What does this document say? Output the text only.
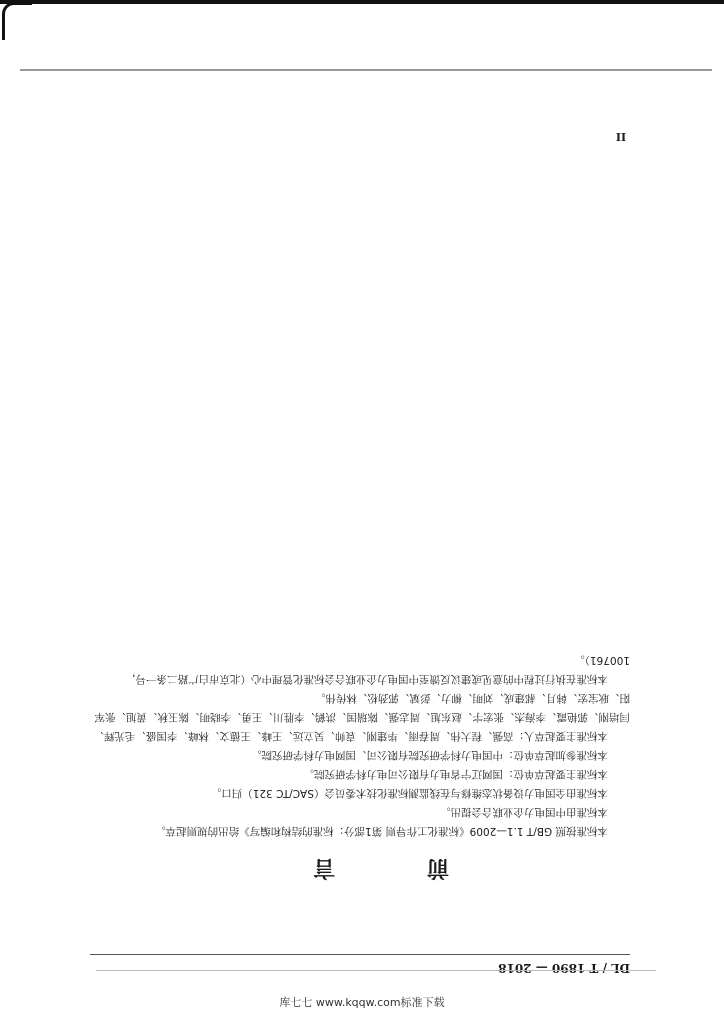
II
DL / T 1890 — 2018
前 言

本标准按照 GB/T 1.1—2009《标准化工作导则 第1部分：标准的结构和编写》给出的规则起草。

本标准由中国电力企业联合会提出。

本标准由全国电力设备状态维修与在线监测标准化技术委员会（SAC/TC 321）归口。

本标准主要起草单位：国网辽宁省电力有限公司电力科学研究院。

本标准参加起草单位：中国电力科学研究院有限公司、国网电力科学研究院。

本标准主要起草人：高强、程大伟、周春雨、毕建刚、袁帅、吴立远、王峰、王德文、林峰、李国盛、毛光辉、闫培刚、郭艳霞、李海杰、张宏宇、赵东旭、周志强、陈瑞国、洪鹤、李胜川、王勇、李晓明、陈玉秋、黄旭、张军阳、耿宝宏、韩月、郝建成、刘明、柳力、彭斌、郭劲松、林传伟。

本标准在执行过程中的意见或建议反馈至中国电力企业联合会标准化管理中心（北京市白广路二条一号，100761）。

库七七 www.kqqw.com标准下载
